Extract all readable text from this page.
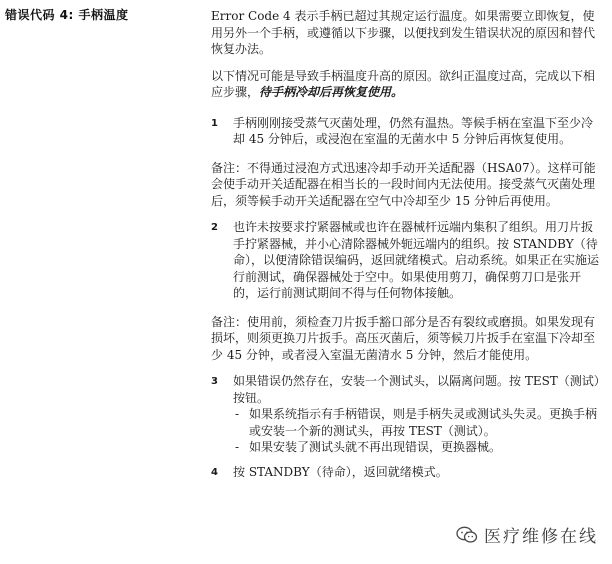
错误代码 4: 手柄温度	Error Code 4 表示手柄已超过其规定运行温度。如果需要立即恢复，使用另外一个手柄，或遵循以下步骤，以便找到发生错误状况的原因和替代恢复办法。

以下情况可能是导致手柄温度升高的原因。欲纠正温度过高，完成以下相应步骤，待手柄冷却后再恢复使用。

1	手柄刚刚接受蒸气灭菌处理，仍然有温热。等候手柄在室温下至少冷却 45 分钟后，或浸泡在室温的无菌水中 5 分钟后再恢复使用。

备注：不得通过浸泡方式迅速冷却手动开关适配器（HSA07）。这样可能会使手动开关适配器在相当长的一段时间内无法使用。接受蒸气灭菌处理后，须等候手动开关适配器在空气中冷却至少 15 分钟后再使用。

2	也许未按要求拧紧器械或也许在器械杆远端内集积了组织。用刀片扳手拧紧器械，并小心清除器械外轭远端内的组织。按 STANDBY（待命），以便清除错误编码，返回就绪模式。启动系统。如果正在实施运行前测试，确保器械处于空中。如果使用剪刀，确保剪刀口是张开的，运行前测试期间不得与任何物体接触。

备注：使用前，须检查刀片扳手豁口部分是否有裂纹或磨损。如果发现有损坏，则须更换刀片扳手。高压灭菌后，须等候刀片扳手在室温下冷却至少 45 分钟，或者浸入室温无菌清水 5 分钟，然后才能使用。

3	如果错误仍然存在，安装一个测试头，以隔离问题。按 TEST（测试）按钮。
- 如果系统指示有手柄错误，则是手柄失灵或测试头失灵。更换手柄或安装一个新的测试头，再按 TEST（测试）。
- 如果安装了测试头就不再出现错误，更换器械。
4	按 STANDBY（待命），返回就绪模式。
医疗维修在线
